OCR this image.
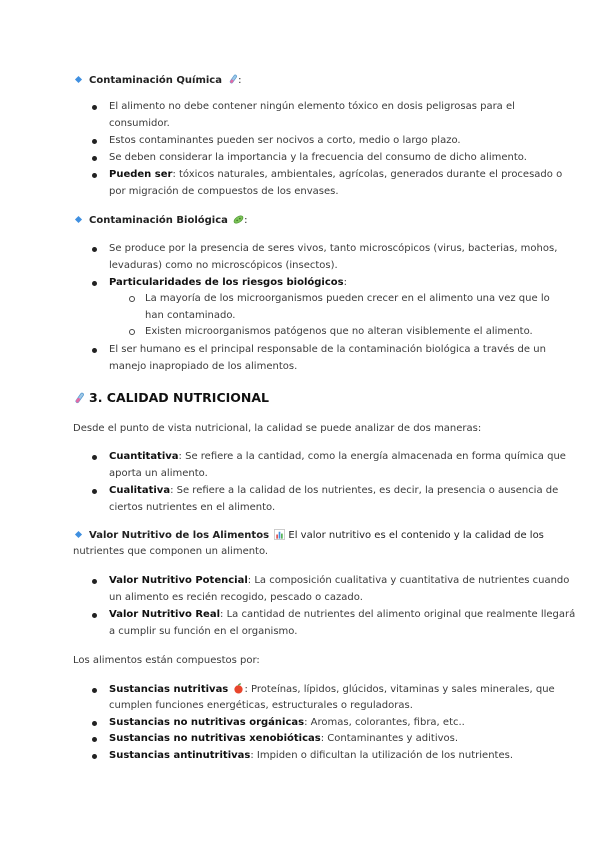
Contaminación Química :
El alimento no debe contener ningún elemento tóxico en dosis peligrosas para el
consumidor.
Estos contaminantes pueden ser nocivos a corto, medio o largo plazo.
Se deben considerar la importancia y la frecuencia del consumo de dicho alimento.
Pueden ser: tóxicos naturales, ambientales, agrícolas, generados durante el procesado o
por migración de compuestos de los envases.
Contaminación Biológica :
Se produce por la presencia de seres vivos, tanto microscópicos (virus, bacterias, mohos,
levaduras) como no microscópicos (insectos).
Particularidades de los riesgos biológicos:
La mayoría de los microorganismos pueden crecer en el alimento una vez que lo
han contaminado.
Existen microorganismos patógenos que no alteran visiblemente el alimento.
El ser humano es el principal responsable de la contaminación biológica a través de un
manejo inapropiado de los alimentos.
3. CALIDAD NUTRICIONAL
Desde el punto de vista nutricional, la calidad se puede analizar de dos maneras:
Cuantitativa: Se refiere a la cantidad, como la energía almacenada en forma química que
aporta un alimento.
Cualitativa: Se refiere a la calidad de los nutrientes, es decir, la presencia o ausencia de
ciertos nutrientes en el alimento.
Valor Nutritivo de los Alimentos  El valor nutritivo es el contenido y la calidad de los
nutrientes que componen un alimento.
Valor Nutritivo Potencial: La composición cualitativa y cuantitativa de nutrientes cuando
un alimento es recién recogido, pescado o cazado.
Valor Nutritivo Real: La cantidad de nutrientes del alimento original que realmente llegará
a cumplir su función en el organismo.
Los alimentos están compuestos por:
Sustancias nutritivas : Proteínas, lípidos, glúcidos, vitaminas y sales minerales, que
cumplen funciones energéticas, estructurales o reguladoras.
Sustancias no nutritivas orgánicas: Aromas, colorantes, fibra, etc..
Sustancias no nutritivas xenobióticas: Contaminantes y aditivos.
Sustancias antinutritivas: Impiden o dificultan la utilización de los nutrientes.
